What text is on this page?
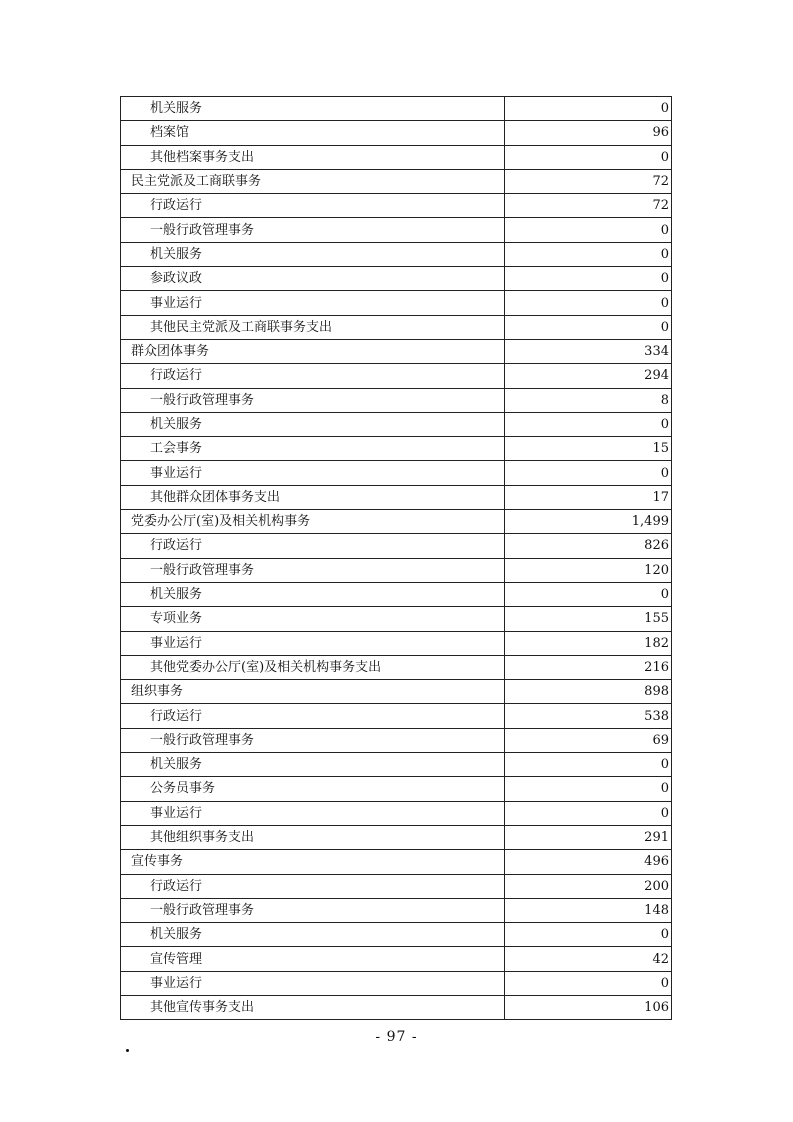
机关服务	0
档案馆	96
其他档案事务支出	0
民主党派及工商联事务	72
行政运行	72
一般行政管理事务	0
机关服务	0
参政议政	0
事业运行	0
其他民主党派及工商联事务支出	0
群众团体事务	334
行政运行	294
一般行政管理事务	8
机关服务	0
工会事务	15
事业运行	0
其他群众团体事务支出	17
党委办公厅(室)及相关机构事务	1,499
行政运行	826
一般行政管理事务	120
机关服务	0
专项业务	155
事业运行	182
其他党委办公厅(室)及相关机构事务支出	216
组织事务	898
行政运行	538
一般行政管理事务	69
机关服务	0
公务员事务	0
事业运行	0
其他组织事务支出	291
宣传事务	496
行政运行	200
一般行政管理事务	148
机关服务	0
宣传管理	42
事业运行	0
其他宣传事务支出	106
- 97 -
